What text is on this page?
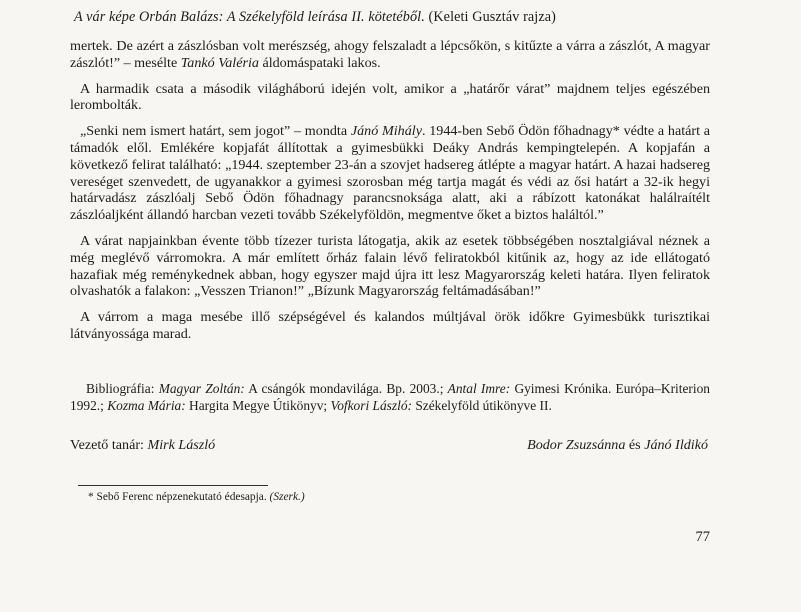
A vár képe Orbán Balázs: A Székelyföld leírása II. kötetéből. (Keleti Gusztáv rajza)

mertek. De azért a zászlósban volt merészség, ahogy felszaladt a lépcsőkön, s kitűzte a várra a zászlót, A magyar zászlót!” – mesélte Tankó Valéria áldomáspataki lakos.

A harmadik csata a második világháború idején volt, amikor a „határőr várat” majdnem teljes egészében lerombolták.

„Senki nem ismert határt, sem jogot” – mondta Jánó Mihály. 1944-ben Sebő Ödön főhadnagy* védte a határt a támadók elől. Emlékére kopjafát állítottak a gyimesbükki Deáky András kempingtelepén. A kopjafán a következő felirat található: „1944. szeptember 23-án a szovjet hadsereg átlépte a magyar határt. A hazai hadsereg vereséget szenvedett, de ugyanakkor a gyimesi szorosban még tartja magát és védi az ősi határt a 32-ik hegyi határvadász zászlóalj Sebő Ödön főhadnagy parancsnoksága alatt, aki a rábízott katonákat halálraítélt zászlóaljként állandó harcban vezeti tovább Székelyföldön, megmentve őket a biztos haláltól.”

A várat napjainkban évente több tízezer turista látogatja, akik az esetek többségében nosztalgiával néznek a még meglévő várromokra. A már említett őrház falain lévő feliratokból kitűnik az, hogy az ide ellátogató hazafiak még reménykednek abban, hogy egyszer majd újra itt lesz Magyarország keleti határa. Ilyen feliratok olvashatók a falakon: „Vesszen Trianon!” „Bízunk Magyarország feltámadásában!”

A várrom a maga mesébe illő szépségével és kalandos múltjával örök időkre Gyimesbükk turisztikai látványossága marad.

Bibliográfia: Magyar Zoltán: A csángók mondavilága. Bp. 2003.; Antal Imre: Gyimesi Krónika. Európa–Kriterion 1992.; Kozma Mária: Hargita Megye Útikönyv; Vofkori László: Székelyföld útikönyve II.

Vezető tanár: Mirk László	Bodor Zsuzsánna és Jánó Ildikó
* Sebő Ferenc népzenekutató édesapja. (Szerk.)
77
